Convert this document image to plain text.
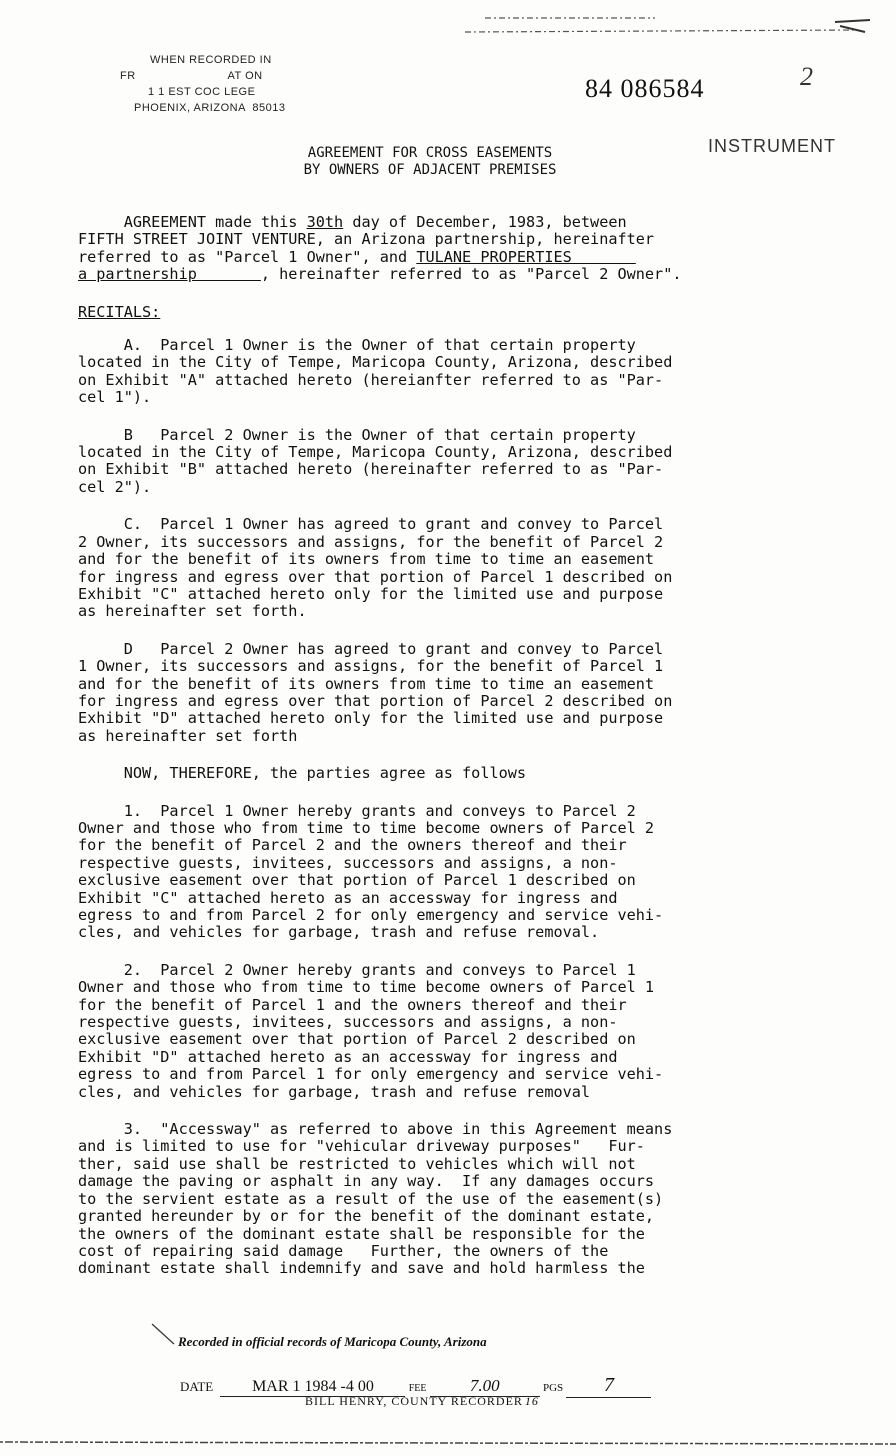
WHEN RECORDED IN
FR                          AT ON
1 1 EST COC LEGE
PHOENIX, ARIZONA  85013
84 086584	2
INSTRUMENT
AGREEMENT FOR CROSS EASEMENTS
BY OWNERS OF ADJACENT PREMISES

AGREEMENT made this 30th day of December, 1983, between
FIFTH STREET JOINT VENTURE, an Arizona partnership, hereinafter
referred to as "Parcel 1 Owner", and TULANE PROPERTIES
a partnership       , hereinafter referred to as "Parcel 2 Owner".

RECITALS:

A.  Parcel 1 Owner is the Owner of that certain property
located in the City of Tempe, Maricopa County, Arizona, described
on Exhibit "A" attached hereto (hereianfter referred to as "Par-
cel 1").

B   Parcel 2 Owner is the Owner of that certain property
located in the City of Tempe, Maricopa County, Arizona, described
on Exhibit "B" attached hereto (hereinafter referred to as "Par-
cel 2").

C.  Parcel 1 Owner has agreed to grant and convey to Parcel
2 Owner, its successors and assigns, for the benefit of Parcel 2
and for the benefit of its owners from time to time an easement
for ingress and egress over that portion of Parcel 1 described on
Exhibit "C" attached hereto only for the limited use and purpose
as hereinafter set forth.

D   Parcel 2 Owner has agreed to grant and convey to Parcel
1 Owner, its successors and assigns, for the benefit of Parcel 1
and for the benefit of its owners from time to time an easement
for ingress and egress over that portion of Parcel 2 described on
Exhibit "D" attached hereto only for the limited use and purpose
as hereinafter set forth

NOW, THEREFORE, the parties agree as follows

1.  Parcel 1 Owner hereby grants and conveys to Parcel 2
Owner and those who from time to time become owners of Parcel 2
for the benefit of Parcel 2 and the owners thereof and their
respective guests, invitees, successors and assigns, a non-
exclusive easement over that portion of Parcel 1 described on
Exhibit "C" attached hereto as an accessway for ingress and
egress to and from Parcel 2 for only emergency and service vehi-
cles, and vehicles for garbage, trash and refuse removal.

2.  Parcel 2 Owner hereby grants and conveys to Parcel 1
Owner and those who from time to time become owners of Parcel 1
for the benefit of Parcel 1 and the owners thereof and their
respective guests, invitees, successors and assigns, a non-
exclusive easement over that portion of Parcel 2 described on
Exhibit "D" attached hereto as an accessway for ingress and
egress to and from Parcel 1 for only emergency and service vehi-
cles, and vehicles for garbage, trash and refuse removal

3.  "Accessway" as referred to above in this Agreement means
and is limited to use for "vehicular driveway purposes"   Fur-
ther, said use shall be restricted to vehicles which will not
damage the paving or asphalt in any way.  If any damages occurs
to the servient estate as a result of the use of the easement(s)
granted hereunder by or for the benefit of the dominant estate,
the owners of the dominant estate shall be responsible for the
cost of repairing said damage   Further, the owners of the
dominant estate shall indemnify and save and hold harmless the

Recorded in official records of Maricopa County, Arizona
DATE MAR 1 1984 -4 00	FEE	7.00	PGS 7
BILL HENRY, COUNTY RECORDER 16
